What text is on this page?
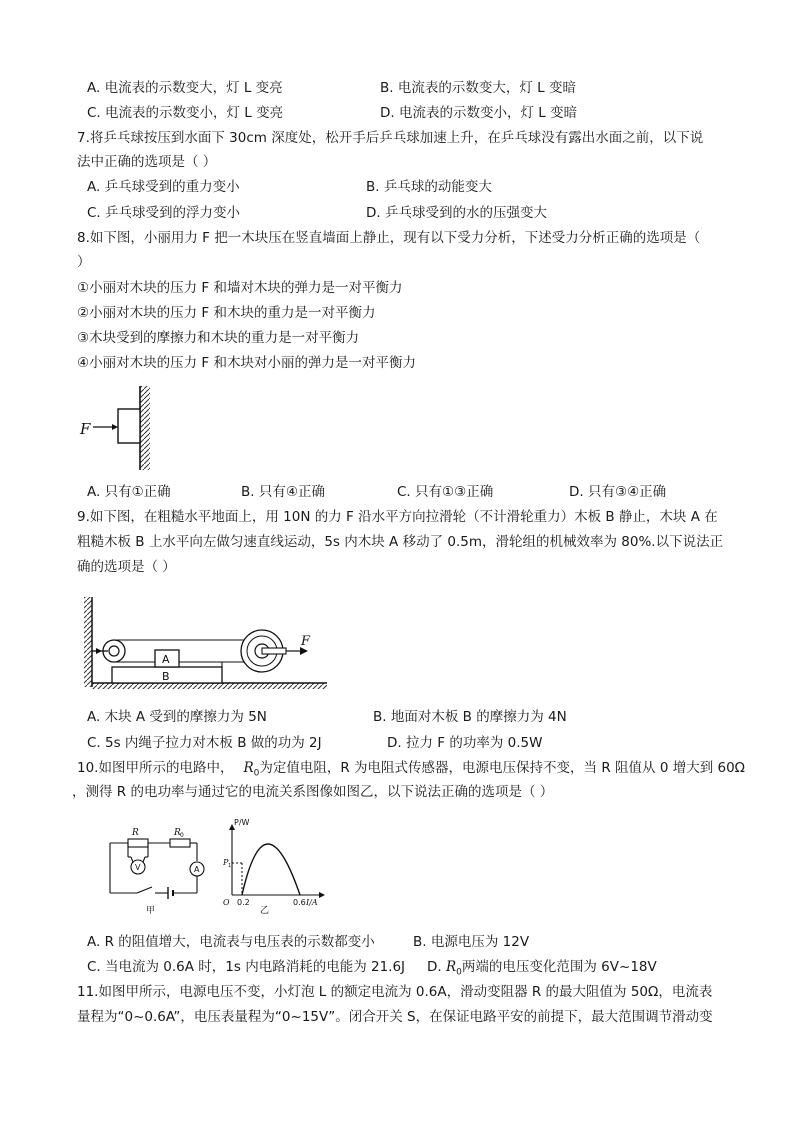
A. 电流表的示数变大，灯 L 变亮	B. 电流表的示数变大，灯 L 变暗
C. 电流表的示数变小，灯 L 变亮	D. 电流表的示数变小，灯 L 变暗
7.将乒乓球按压到水面下 30cm 深度处，松开手后乒乓球加速上升，在乒乓球没有露出水面之前，以下说
法中正确的选项是（ ）
A. 乒乓球受到的重力变小	B. 乒乓球的动能变大
C. 乒乓球受到的浮力变小	D. 乒乓球受到的水的压强变大
8.如下图，小丽用力 F 把一木块压在竖直墙面上静止，现有以下受力分析，下述受力分析正确的选项是（
）
①小丽对木块的压力 F 和墙对木块的弹力是一对平衡力
②小丽对木块的压力 F 和木块的重力是一对平衡力
③木块受到的摩擦力和木块的重力是一对平衡力
④小丽对木块的压力 F 和木块对小丽的弹力是一对平衡力
F
A. 只有①正确	B. 只有④正确	C. 只有①③正确	D. 只有③④正确
9.如下图，在粗糙水平地面上，用 10N 的力 F 沿水平方向拉滑轮（不计滑轮重力）木板 B 静止，木块 A 在
粗糙木板 B 上水平向左做匀速直线运动，5s 内木块 A 移动了 0.5m，滑轮组的机械效率为 80%.以下说法正
确的选项是（ ）
B
A
F
A. 木块 A 受到的摩擦力为 5N	B. 地面对木板 B 的摩擦力为 4N
C. 5s 内绳子拉力对木板 B 做的功为 2J	D. 拉力 F 的功率为 0.5W
10.如图甲所示的电路中， $R_0$为定值电阻，R 为电阻式传感器，电源电压保持不变，当 R 阻值从 0 增大到 60Ω
，测得 R 的电功率与通过它的电流关系图像如图乙，以下说法正确的选项是（ ）
R	R 0
V	A
甲
P/W
P 1
O 0.2	0.6 I/A
乙
A. R 的阻值增大，电流表与电压表的示数都变小	B. 电源电压为 12V
C. 当电流为 0.6A 时，1s 内电路消耗的电能为 21.6J D. $R_0$两端的电压变化范围为 6V~18V
11.如图甲所示，电源电压不变，小灯泡 L 的额定电流为 0.6A，滑动变阻器 R 的最大阻值为 50Ω，电流表
量程为“0~0.6A”，电压表量程为“0~15V”。闭合开关 S，在保证电路平安的前提下，最大范围调节滑动变
